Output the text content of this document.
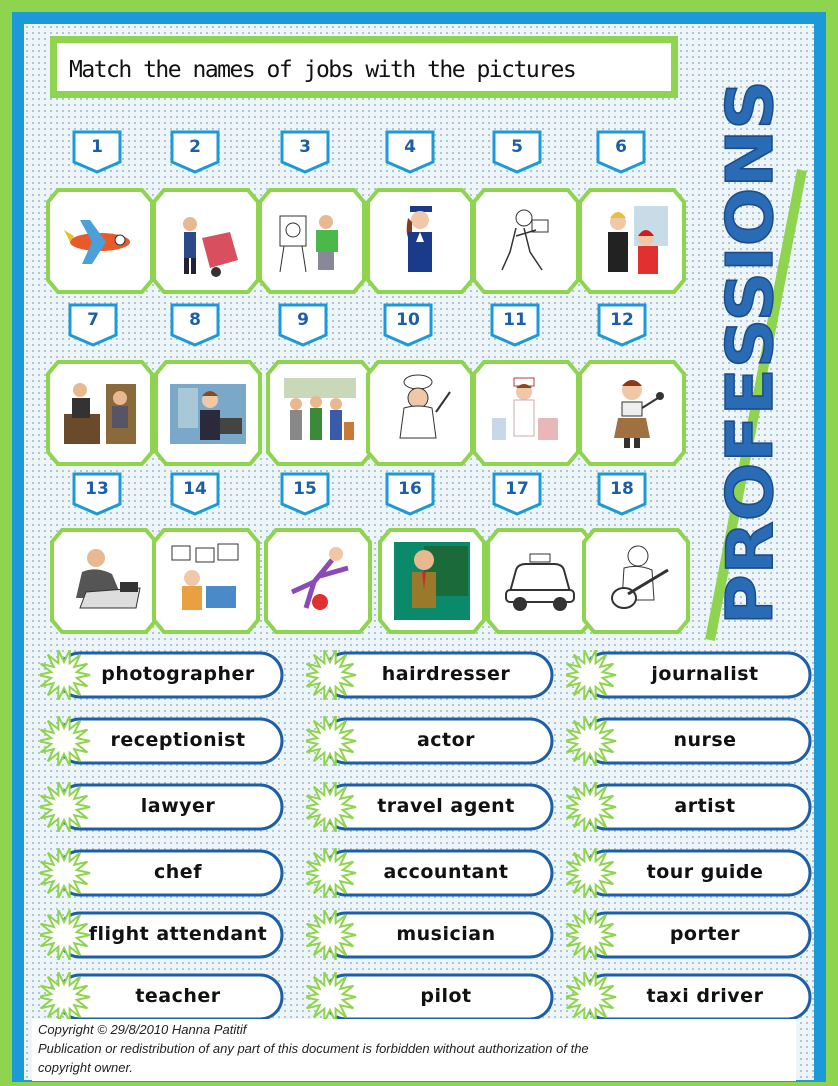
Match the names of jobs with the pictures
PROFESSIONS
1	2	3	4	5	6
7	8	9	10	11	12
13	14	15	16	17	18
photographer	hairdresser	journalist
receptionist	actor	nurse
lawyer	travel agent	artist
chef	accountant	tour guide
flight attendant	musician	porter
teacher	pilot	taxi driver
Copyright © 29/8/2010 Hanna Patitif
Publication or redistribution of any part of this document is forbidden without authorization of the
copyright owner.
